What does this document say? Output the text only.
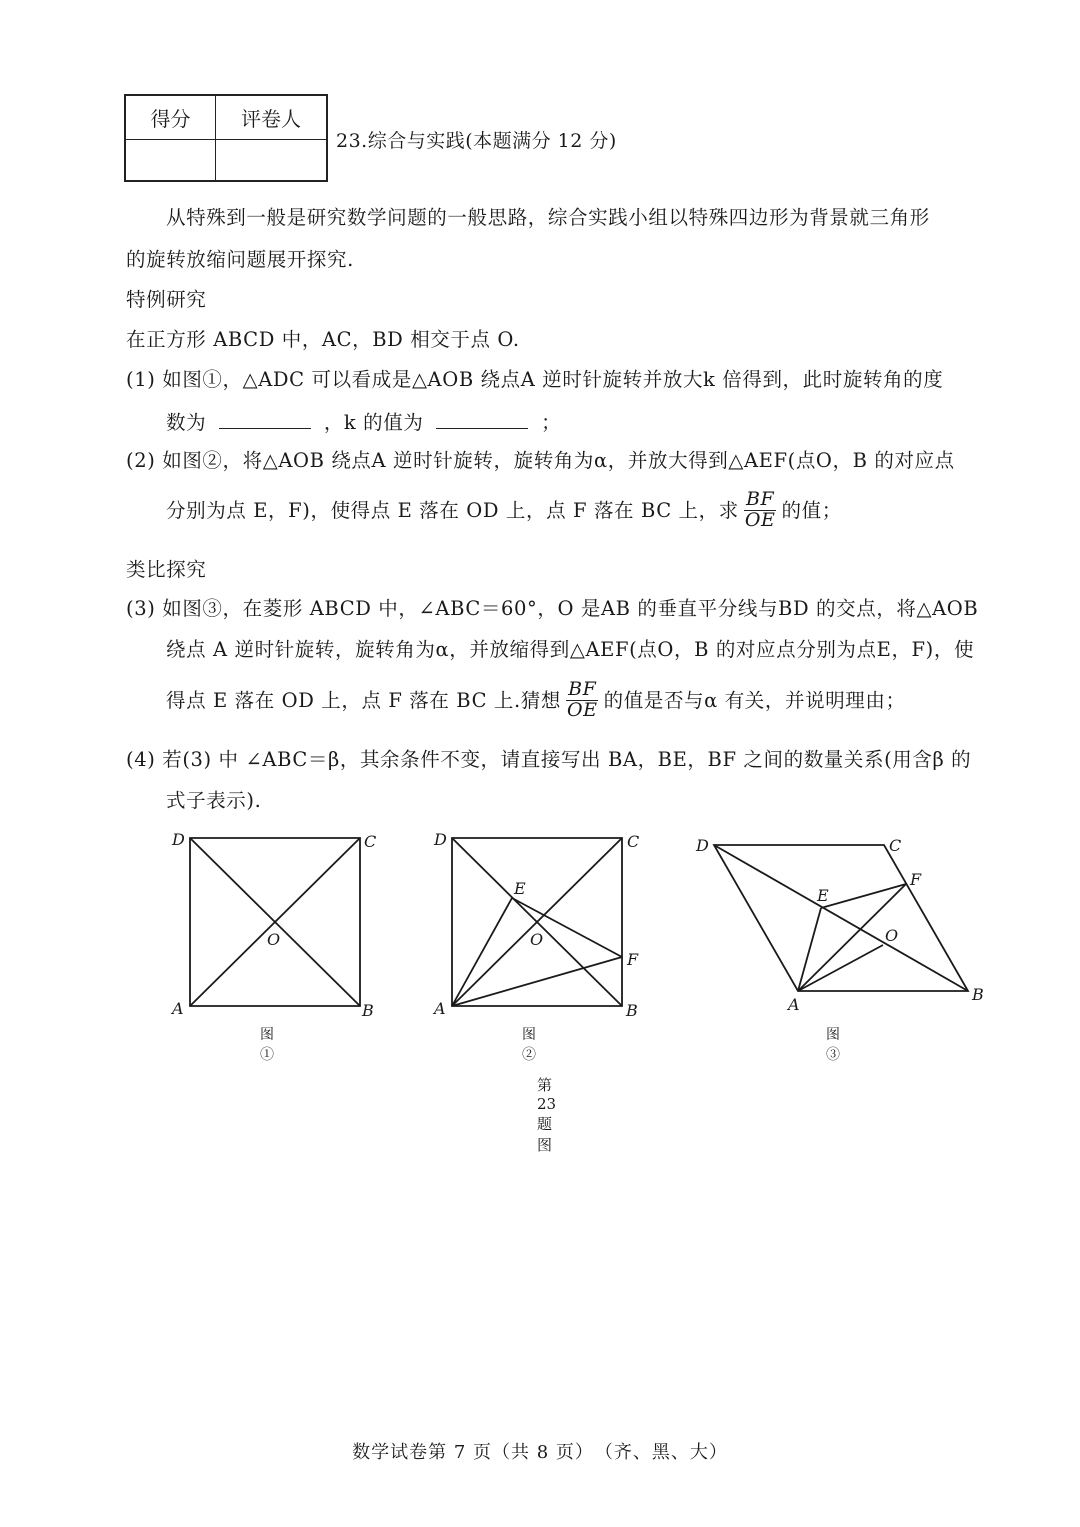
得分	评卷人
23.综合与实践(本题满分 12 分)
从特殊到一般是研究数学问题的一般思路，综合实践小组以特殊四边形为背景就三角形
的旋转放缩问题展开探究.
特例研究
在正方形 ABCD 中，AC，BD 相交于点 O.
(1) 如图①，△ADC 可以看成是△AOB 绕点A 逆时针旋转并放大k 倍得到，此时旋转角的度
数为	，k 的值为	；
(2) 如图②，将△AOB 绕点A 逆时针旋转，旋转角为α，并放大得到△AEF(点O，B 的对应点
分别为点 E，F)，使得点 E 落在 OD 上，点 F 落在 BC 上，求 $\frac{BF}{OE}$ 的值；
类比探究
(3) 如图③，在菱形 ABCD 中，∠ABC＝60°，O 是AB 的垂直平分线与BD 的交点，将△AOB
绕点 A 逆时针旋转，旋转角为α，并放缩得到△AEF(点O，B 的对应点分别为点E，F)，使
得点 E 落在 OD 上，点 F 落在 BC 上.猜想 $\frac{BF}{OE}$ 的值是否与α 有关，并说明理由；
(4) 若(3) 中 ∠ABC＝β，其余条件不变，请直接写出 BA，BE，BF 之间的数量关系(用含β 的
式子表示).
D	C
A	B
O
图①
D	C
A	B
E
O
F
图②
D	C
F
E
O
A
B
图③
第 23 题图
数学试卷第 7 页（共 8 页）　（齐、黑、大）
